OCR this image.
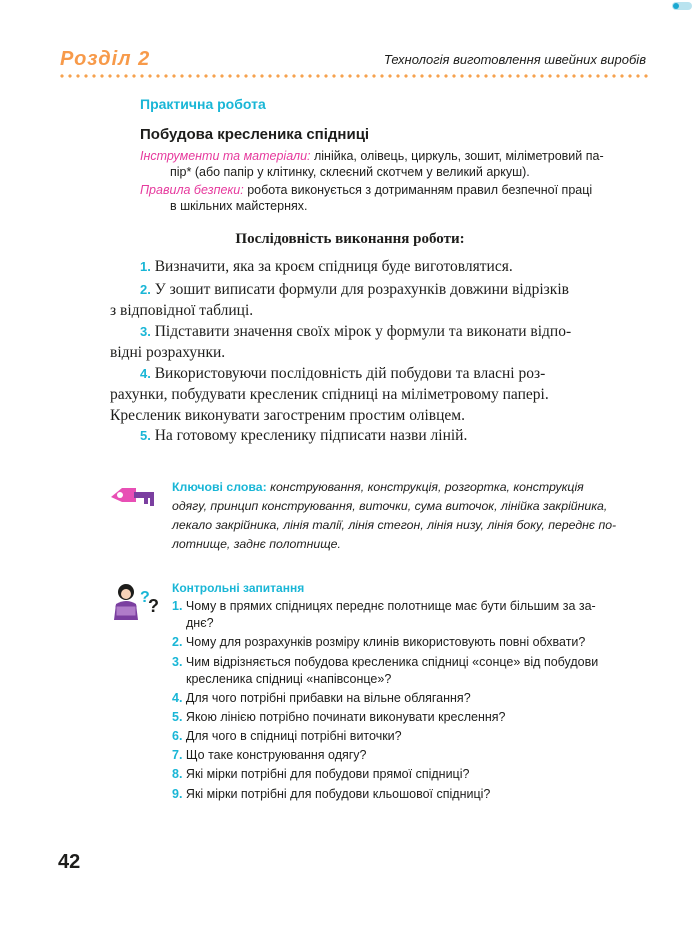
Розділ 2	Технологія виготовлення швейних виробів
Практична робота
Побудова кресленика спідниці
Інструменти та матеріали: лінійка, олівець, циркуль, зошит, міліметровий па-
пір* (або папір у клітинку, склеєний скотчем у великий аркуш).
Правила безпеки: робота виконується з дотриманням правил безпечної праці
в шкільних майстернях.
Послідовність виконання роботи:
1. Визначити, яка за кроєм спідниця буде виготовлятися.
2. У зошит виписати формули для розрахунків довжини відрізків
з відповідної таблиці.
3. Підставити значення своїх мірок у формули та виконати відпо-
відні розрахунки.
4. Використовуючи послідовність дій побудови та власні роз-
рахунки, побудувати кресленик спідниці на міліметровому папері.
Кресленик виконувати загостреним простим олівцем.
5. На готовому кресленику підписати назви ліній.
Ключові слова: конструювання, конструкція, розгортка, конструкція
одягу, принцип конструювання, виточки, сума виточок, лінійка закрійника,
лекало закрійника, лінія талії, лінія стегон, лінія низу, лінія боку, переднє по-
лотнище, заднє полотнище.
?
?
Контрольні запитання
1. Чому в прямих спідницях переднє полотнище має бути більшим за за-
днє?
2. Чому для розрахунків розміру клинів використовують повні обхвати?
3. Чим відрізняється побудова кресленика спідниці «сонце» від побудови
кресленика спідниці «напівсонце»?
4. Для чого потрібні прибавки на вільне облягання?
5. Якою лінією потрібно починати виконувати креслення?
6. Для чого в спідниці потрібні виточки?
7. Що таке конструювання одягу?
8. Які мірки потрібні для побудови прямої спідниці?
9. Які мірки потрібні для побудови кльошової спідниці?
42
